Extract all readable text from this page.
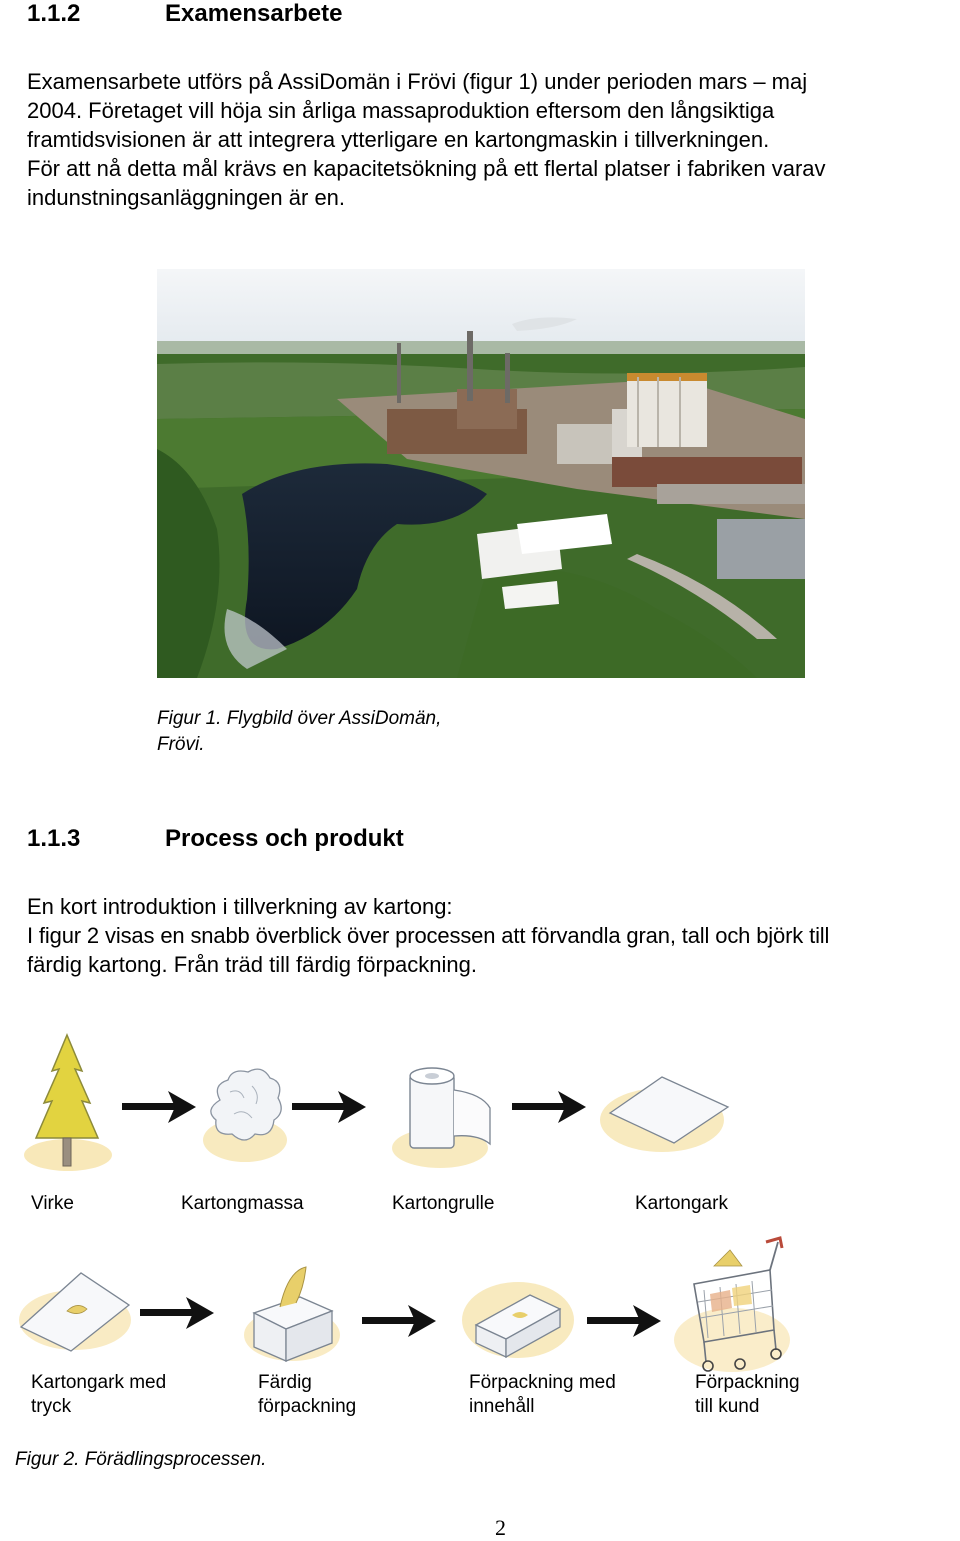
1.1.2	Examensarbete
Examensarbete utförs på AssiDomän i Frövi (figur 1) under perioden mars – maj
2004. Företaget vill höja sin årliga massaproduktion eftersom den långsiktiga
framtidsvisionen är att integrera ytterligare en kartongmaskin i tillverkningen.
För att nå detta mål krävs en kapacitetsökning på ett flertal platser i fabriken varav
indunstningsanläggningen är en.
Figur 1. Flygbild över AssiDomän,
Frövi.
1.1.3	Process och produkt
En kort introduktion i tillverkning av kartong:
I figur 2 visas en snabb överblick över processen att förvandla gran, tall och björk till
färdig kartong. Från träd till färdig förpackning.
Virke	Kartongmassa	Kartongrulle	Kartongark
Kartongark med
tryck
Färdig
förpackning
Förpackning med
innehåll
Förpackning
till kund
Figur 2. Förädlingsprocessen.
2
